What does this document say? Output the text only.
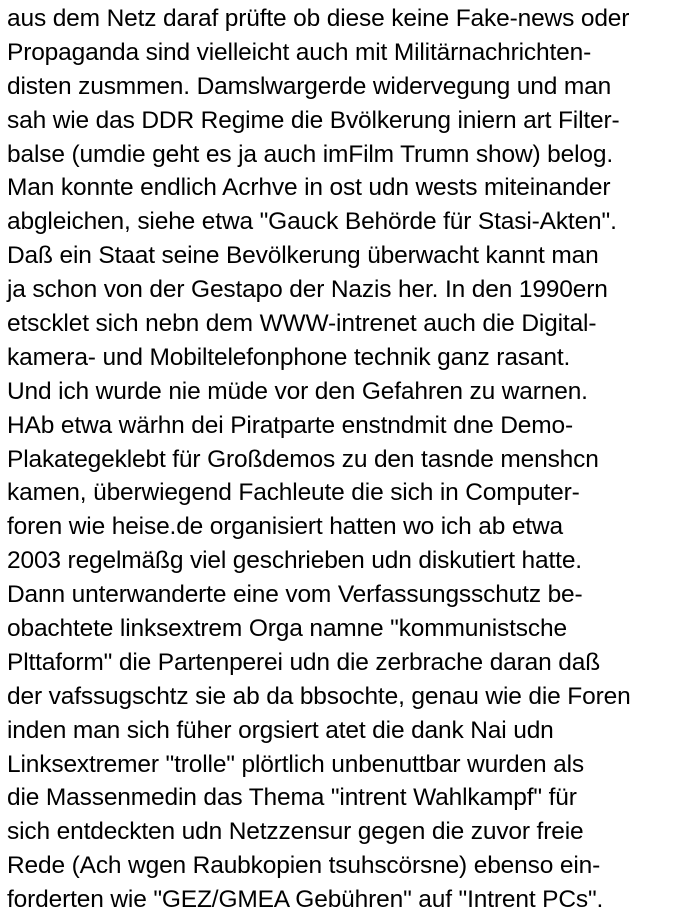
aus dem Netz daraf prüfte ob diese keine Fake-news oder
Propaganda sind vielleicht auch mit Militärnachrichten-
disten zusmmen. Damslwargerde widervegung und man
sah wie das DDR Regime die Bvölkerung iniern art Filter-
balse (umdie geht es ja auch imFilm Trumn show) belog.
Man konnte endlich Acrhve in ost udn wests miteinander
abgleichen, siehe etwa "Gauck Behörde für Stasi-Akten".
Daß ein Staat seine Bevölkerung überwacht kannt man
ja schon von der Gestapo der Nazis her. In den 1990ern
etscklet sich nebn dem WWW-intrenet auch die Digital-
kamera- und Mobiltelefonphone technik ganz rasant.
Und ich wurde nie müde vor den Gefahren zu warnen.
HAb etwa wärhn dei Piratparte enstndmit dne Demo-
Plakategeklebt für Großdemos zu den tasnde menshcn
kamen, überwiegend Fachleute die sich in Computer-
foren wie heise.de organisiert hatten wo ich ab etwa
2003 regelmäßg viel geschrieben udn diskutiert hatte.
Dann unterwanderte eine vom Verfassungsschutz be-
obachtete linksextrem Orga namne "kommunistsche
Plttaform" die Partenperei udn die zerbrache daran daß
der vafssugschtz sie ab da bbsochte, genau wie die Foren
inden man sich füher orgsiert atet die dank Nai udn
Linksextremer "trolle" plörtlich unbenuttbar wurden als
die Massenmedin das Thema "intrent Wahlkampf" für
sich entdeckten udn Netzzensur gegen die zuvor freie
Rede (Ach wgen Raubkopien tsuhscörsne) ebenso ein-
forderten wie "GEZ/GMEA Gebühren" auf "Intrent PCs".
